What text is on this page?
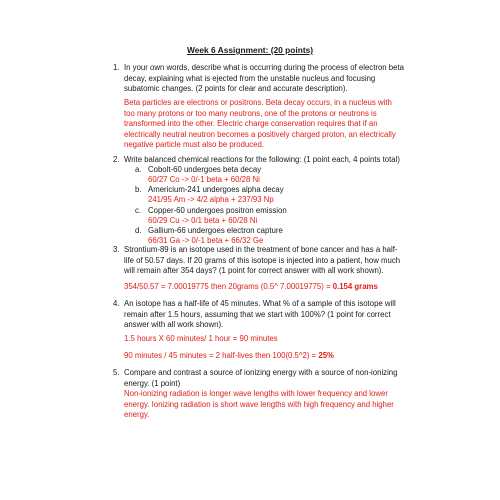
Week 6 Assignment: (20 points)
1. In your own words, describe what is occurring during the process of electron beta
decay, explaining what is ejected from the unstable nucleus and focusing
subatomic changes. (2 points for clear and accurate description).
Beta particles are electrons or positrons. Beta decay occurs, in a nucleus with
too many protons or too many neutrons, one of the protons or neutrons is
transformed into the other. Electric charge conservation requires that if an
electrically neutral neutron becomes a positively charged proton, an electrically
negative particle must also be produced.
2. Write balanced chemical reactions for the following: (1 point each, 4 points total)
a. Cobolt-60 undergoes beta decay
60/27 Co -> 0/-1 beta + 60/28 Ni
b. Americium-241 undergoes alpha decay
241/95 Am -> 4/2 alpha + 237/93 Np
c. Copper-60 undergoes positron emission
60/29 Cu -> 0/1 beta + 60/28 Ni
d. Gallium-66 undergoes electron capture
66/31 Ga -> 0/-1 beta + 66/32 Ge
3. Strontium-89 is an isotope used in the treatment of bone cancer and has a half-
life of 50.57 days. If 20 grams of this isotope is injected into a patient, how much
will remain after 354 days? (1 point for correct answer with all work shown).
354/50.57 = 7.00019775 then 20grams (0.5^ 7.00019775) = 0.154 grams
4. An isotope has a half-life of 45 minutes. What % of a sample of this isotope will
remain after 1.5 hours, assuming that we start with 100%? (1 point for correct
answer with all work shown).
1.5 hours X 60 minutes/ 1 hour = 90 minutes
90 minutes / 45 minutes = 2 half-lives then 100(0.5^2) = 25%
5. Compare and contrast a source of ionizing energy with a source of non-ionizing
energy. (1 point)
Non-ionizing radiation is longer wave lengths with lower frequency and lower
energy. Ionizing radiation is short wave lengths with high frequency and higher
energy.
